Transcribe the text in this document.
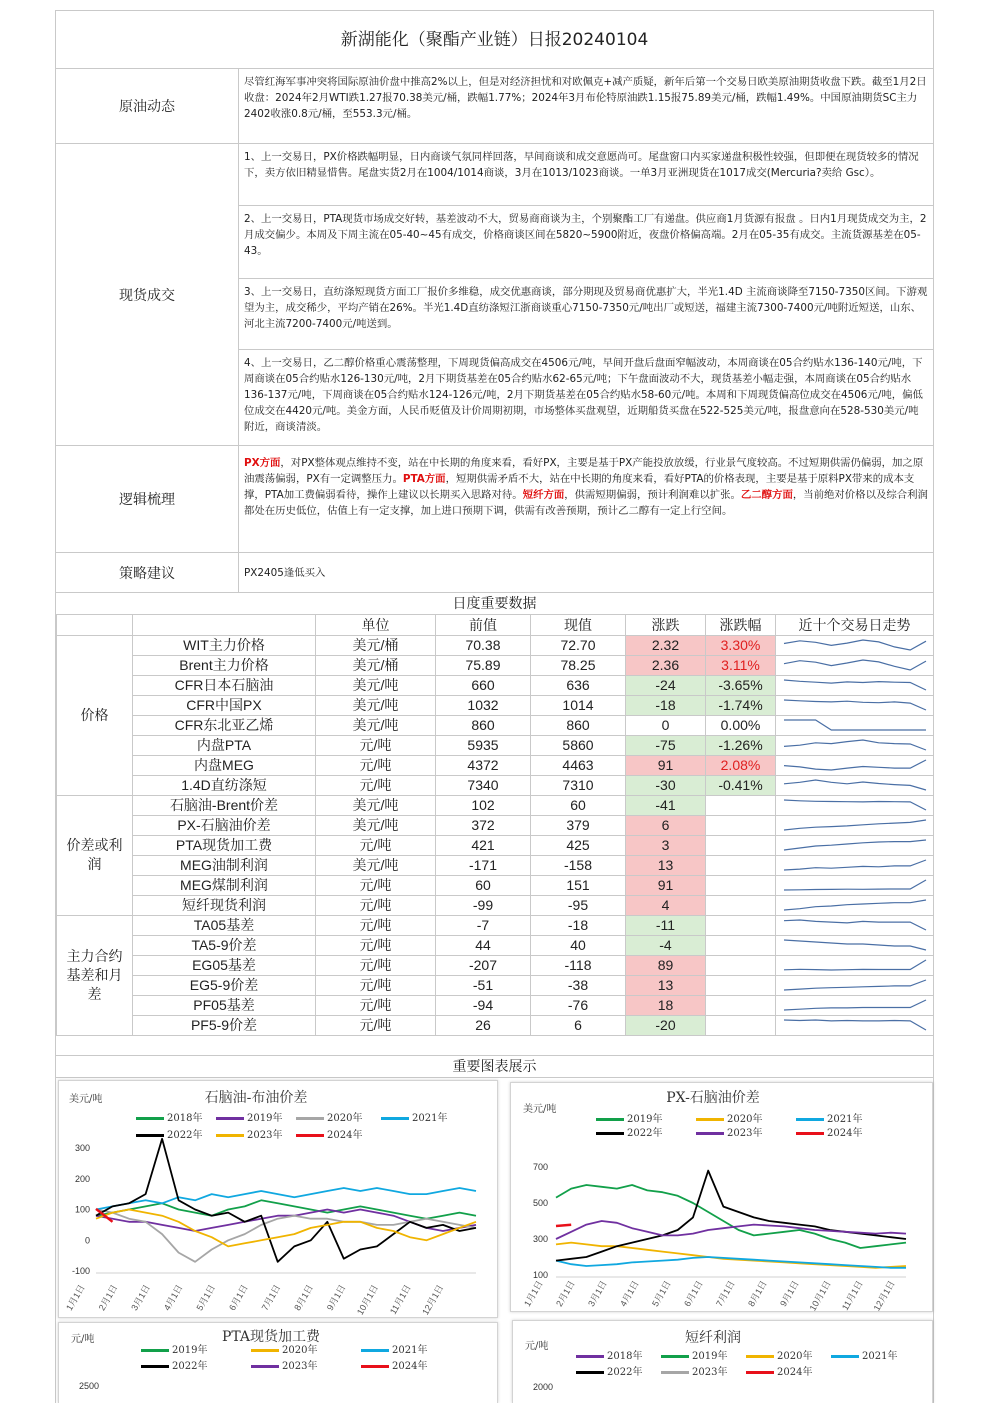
新湖能化（聚酯产业链）日报20240104
原油动态
尽管红海军事冲突将国际原油价盘中推高2%以上，但是对经济担忧和对欧佩克+减产质疑，新年后第一个交易日欧美原油期货收盘下跌。截至1月2日收盘：2024年2月WTI跌1.27报70.38美元/桶，跌幅1.77%；2024年3月布伦特原油跌1.15报75.89美元/桶，跌幅1.49%。中国原油期货SC主力2402收涨0.8元/桶，至553.3元/桶。
现货成交
1、上一交易日，PX价格跌幅明显，日内商谈气氛同样回落，早间商谈和成交意愿尚可。尾盘窗口内买家递盘积极性较强，但即便在现货较多的情况下，卖方依旧精显惜售。尾盘实货2月在1004/1014商谈，3月在1013/1023商谈。一单3月亚洲现货在1017成交(Mercuria?卖给 Gsc）。
2、上一交易日，PTA现货市场成交好转，基差波动不大，贸易商商谈为主，个别聚酯工厂有递盘。供应商1月货源有报盘 。日内1月现货成交为主，2月成交偏少。本周及下周主流在05-40~45有成交，价格商谈区间在5820~5900附近，夜盘价格偏高端。2月在05-35有成交。主流货源基差在05-43。
3、上一交易日，直纺涤短现货方面工厂报价多维稳，成交优惠商谈，部分期现及贸易商优惠扩大，半光1.4D 主流商谈降至7150-7350区间。下游观望为主，成交稀少，平均产销在26%。半光1.4D直纺涤短江浙商谈重心7150-7350元/吨出厂或短送，福建主流7300-7400元/吨附近短送，山东、河北主流7200-7400元/吨送到。
4、上一交易日，乙二醇价格重心震荡整理，下周现货偏高成交在4506元/吨，早间开盘后盘面窄幅波动，本周商谈在05合约贴水136-140元/吨，下周商谈在05合约贴水126-130元/吨，2月下期货基差在05合约贴水62-65元/吨；下午盘面波动不大，现货基差小幅走强，本周商谈在05合约贴水136-137元/吨，下周商谈在05合约贴水124-126元/吨，2月下期货基差在05合约贴水58-60元/吨。本周和下周现货偏高位成交在4506元/吨，偏低位成交在4420元/吨。美金方面，人民币贬值及计价周期初期，市场整体买盘观望，近期船货买盘在522-525美元/吨，报盘意向在528-530美元/吨附近，商谈清淡。
逻辑梳理
PX方面，对PX整体观点维持不变，站在中长期的角度来看，看好PX，主要是基于PX产能投放放缓，行业景气度较高。不过短期供需仍偏弱，加之原油震荡偏弱，PX有一定调整压力。PTA方面，短期供需矛盾不大，站在中长期的角度来看，看好PTA的价格表现，主要是基于原料PX带来的成本支撑，PTA加工费偏弱看待，操作上建议以长期买入思路对待。短纤方面，供需短期偏弱，预计利润难以扩张。乙二醇方面，当前绝对价格以及综合利润都处在历史低位，估值上有一定支撑，加上进口预期下调，供需有改善预期，预计乙二醇有一定上行空间。
策略建议	PX2405逢低买入
日度重要数据
		单位	前值	现值	涨跌	涨跌幅	近十个交易日走势
价格	WIT主力价格	美元/桶	70.38	72.70	2.32	3.30%	

	Brent主力价格	美元/桶	75.89	78.25	2.36	3.11%	

	CFR日本石脑油	美元/吨	660	636	-24	-3.65%	

	CFR中国PX	美元/吨	1032	1014	-18	-1.74%	

	CFR东北亚乙烯	美元/吨	860	860	0	0.00%	

	内盘PTA	元/吨	5935	5860	-75	-1.26%	

	内盘MEG	元/吨	4372	4463	91	2.08%	

	1.4D直纺涤短	元/吨	7340	7310	-30	-0.41%	

价差或利润	石脑油-Brent价差	美元/吨	102	60	-41		

	PX-石脑油价差	美元/吨	372	379	6		

	PTA现货加工费	元/吨	421	425	3		

	MEG油制利润	美元/吨	-171	-158	13		

	MEG煤制利润	元/吨	60	151	91		

	短纤现货利润	元/吨	-99	-95	4		

主力合约基差和月差	TA05基差	元/吨	-7	-18	-11		

	TA5-9价差	元/吨	44	40	-4		

	EG05基差	元/吨	-207	-118	89		

	EG5-9价差	元/吨	-51	-38	13		

	PF05基差	元/吨	-94	-76	18		

	PF5-9价差	元/吨	26	6	-20		
重要图表展示
石脑油-布油价差
美元/吨
2018年	2019年	2020年	2021年
2022年	2023年	2024年
300
200
100
0
-100
1月1日 2月1日 3月1日 4月1日 5月1日 6月1日 7月1日 8月1日 9月1日 10月1日 11月1日 12月1日
PX-石脑油价差
美元/吨
2019年	2020年	2021年
2022年	2023年	2024年
700
500
300
100
1月1日 2月1日 3月1日 4月1日 5月1日 6月1日 7月1日 8月1日 9月1日 10月1日 11月1日 12月1日
PTA现货加工费
元/吨
2019年	2020年	2021年
2022年	2023年	2024年
2500
短纤利润
元/吨
2018年	2019年	2020年	2021年
2022年	2023年	2024年
2000
